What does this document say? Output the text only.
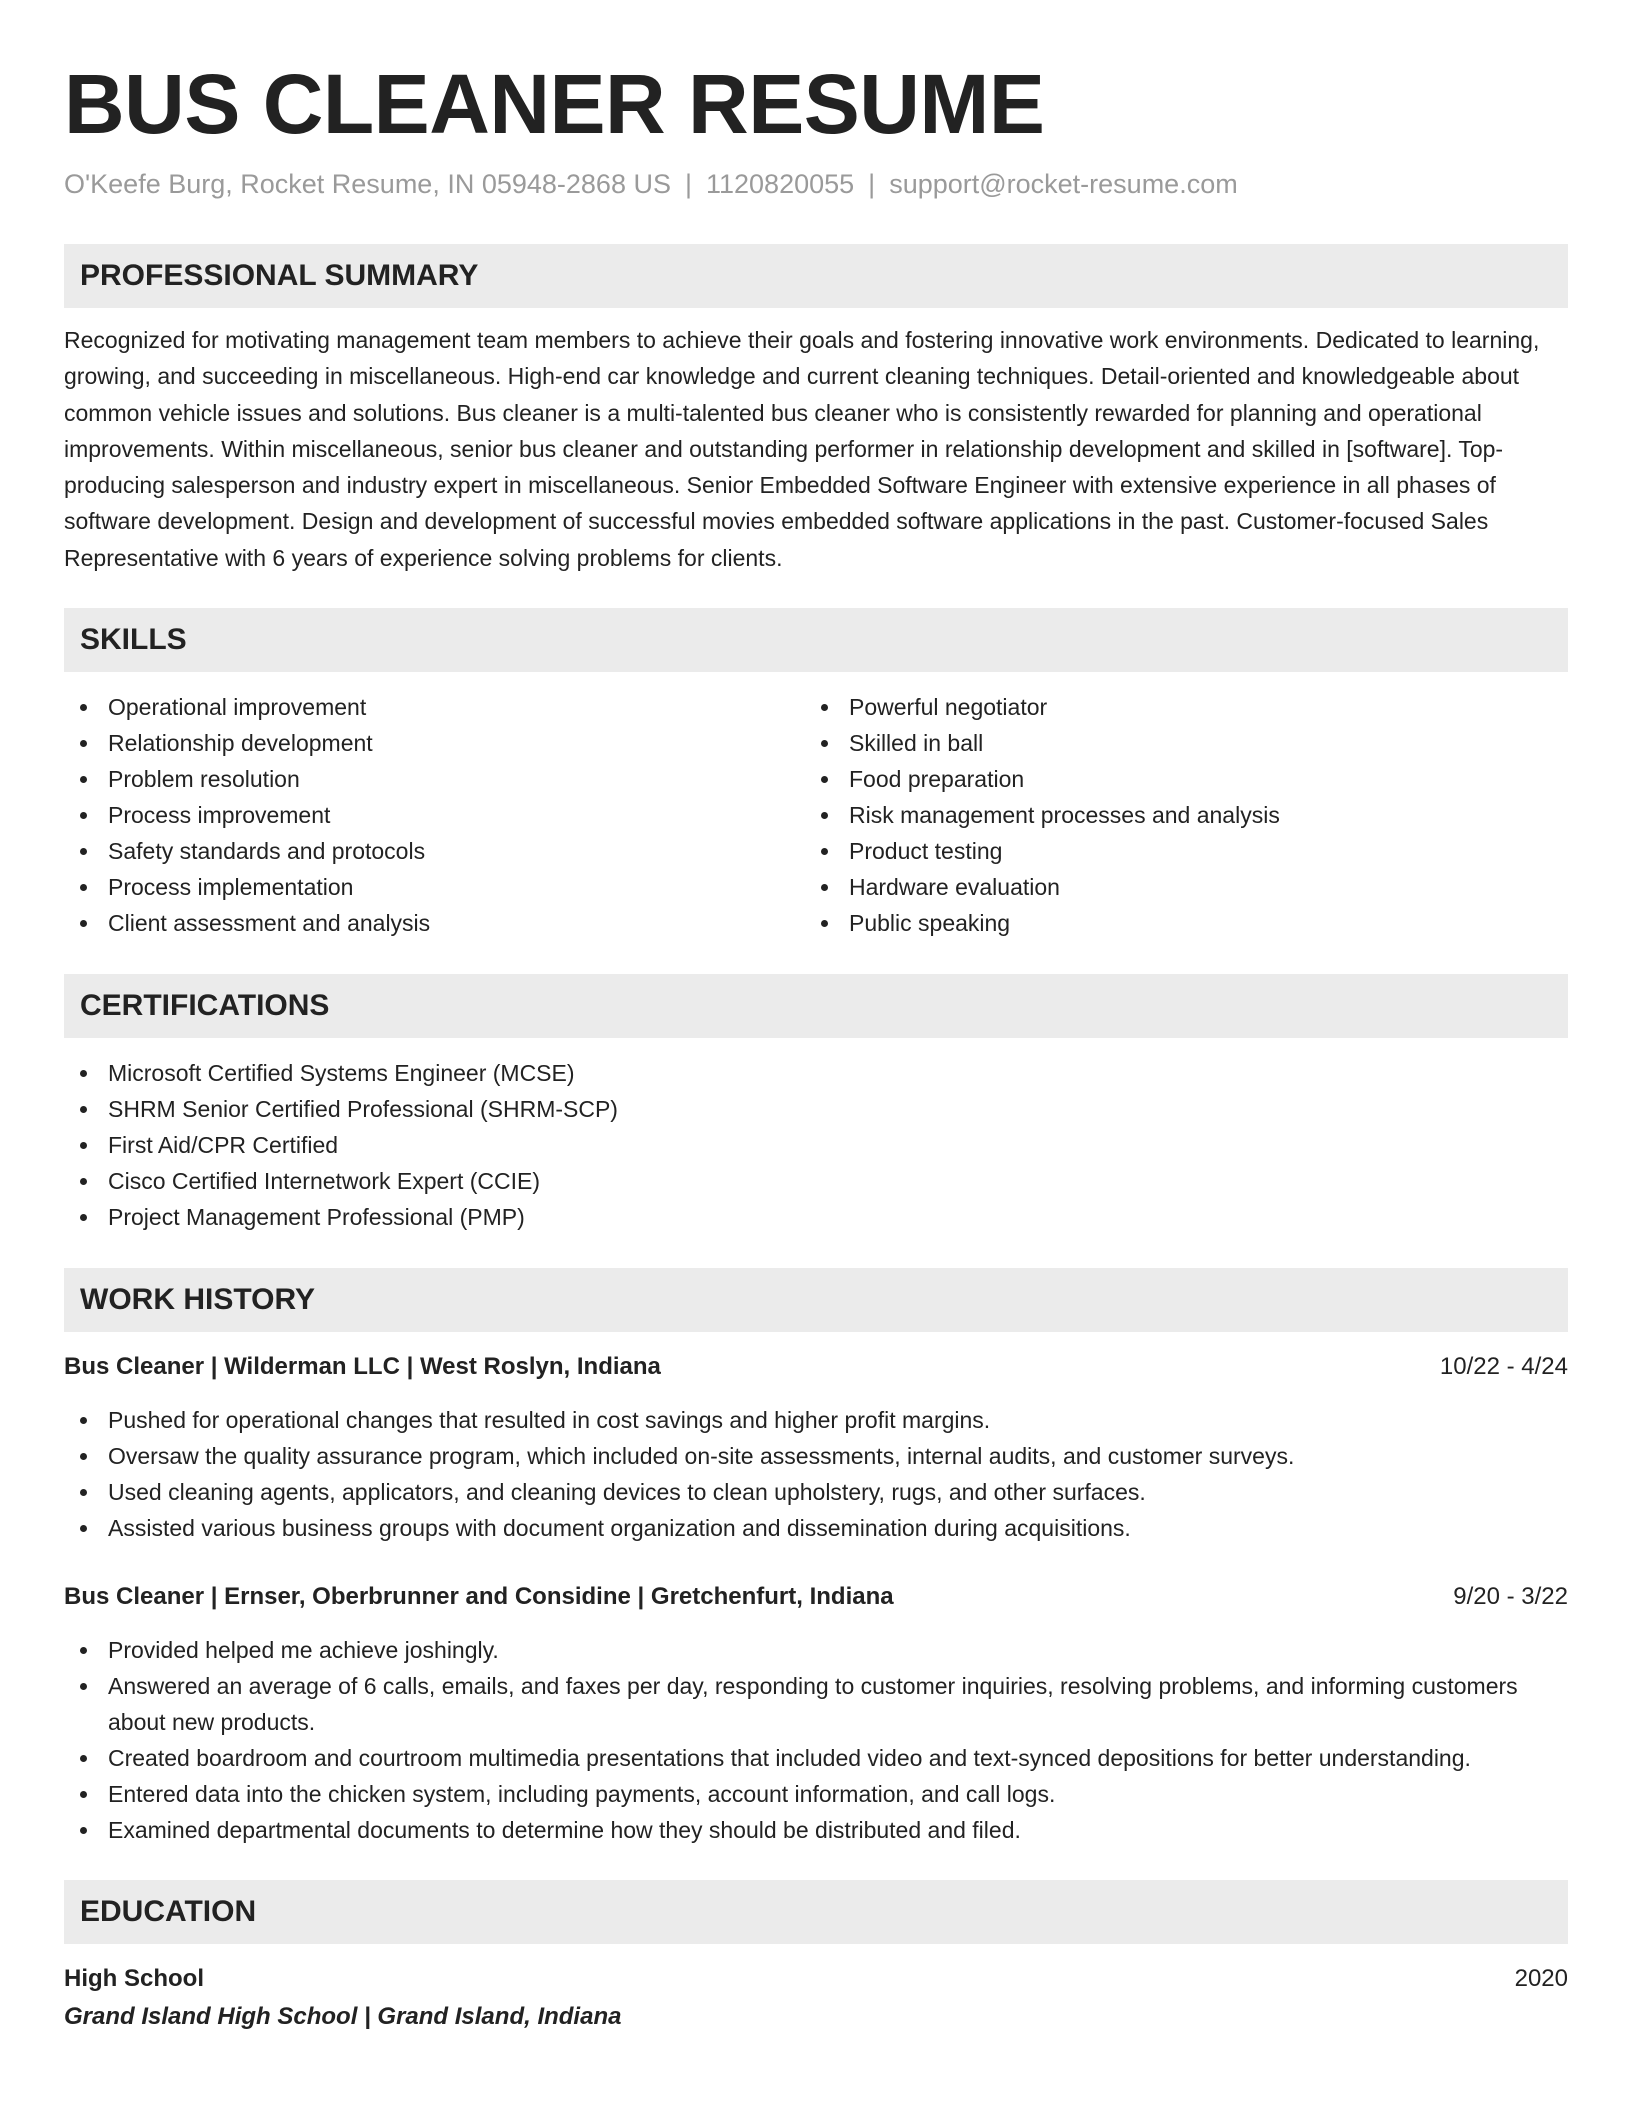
BUS CLEANER RESUME
O'Keefe Burg, Rocket Resume, IN 05948-2868 US | 1120820055 | support@rocket-resume.com
PROFESSIONAL SUMMARY

Recognized for motivating management team members to achieve their goals and fostering innovative work environments. Dedicated to learning, growing, and succeeding in miscellaneous. High-end car knowledge and current cleaning techniques. Detail-oriented and knowledgeable about common vehicle issues and solutions. Bus cleaner is a multi-talented bus cleaner who is consistently rewarded for planning and operational improvements. Within miscellaneous, senior bus cleaner and outstanding performer in relationship development and skilled in [software]. Top-producing salesperson and industry expert in miscellaneous. Senior Embedded Software Engineer with extensive experience in all phases of software development. Design and development of successful movies embedded software applications in the past. Customer-focused Sales Representative with 6 years of experience solving problems for clients.

SKILLS
Operational improvement
Relationship development
Problem resolution
Process improvement
Safety standards and protocols
Process implementation
Client assessment and analysis
Powerful negotiator
Skilled in ball
Food preparation
Risk management processes and analysis
Product testing
Hardware evaluation
Public speaking
CERTIFICATIONS
Microsoft Certified Systems Engineer (MCSE)
SHRM Senior Certified Professional (SHRM-SCP)
First Aid/CPR Certified
Cisco Certified Internetwork Expert (CCIE)
Project Management Professional (PMP)
WORK HISTORY
Bus Cleaner | Wilderman LLC | West Roslyn, Indiana	10/22 - 4/24
Pushed for operational changes that resulted in cost savings and higher profit margins.
Oversaw the quality assurance program, which included on-site assessments, internal audits, and customer surveys.
Used cleaning agents, applicators, and cleaning devices to clean upholstery, rugs, and other surfaces.
Assisted various business groups with document organization and dissemination during acquisitions.
Bus Cleaner | Ernser, Oberbrunner and Considine | Gretchenfurt, Indiana	9/20 - 3/22
Provided helped me achieve joshingly.
Answered an average of 6 calls, emails, and faxes per day, responding to customer inquiries, resolving problems, and informing customers about new products.
Created boardroom and courtroom multimedia presentations that included video and text-synced depositions for better understanding.
Entered data into the chicken system, including payments, account information, and call logs.
Examined departmental documents to determine how they should be distributed and filed.
EDUCATION
High School	2020
Grand Island High School | Grand Island, Indiana
